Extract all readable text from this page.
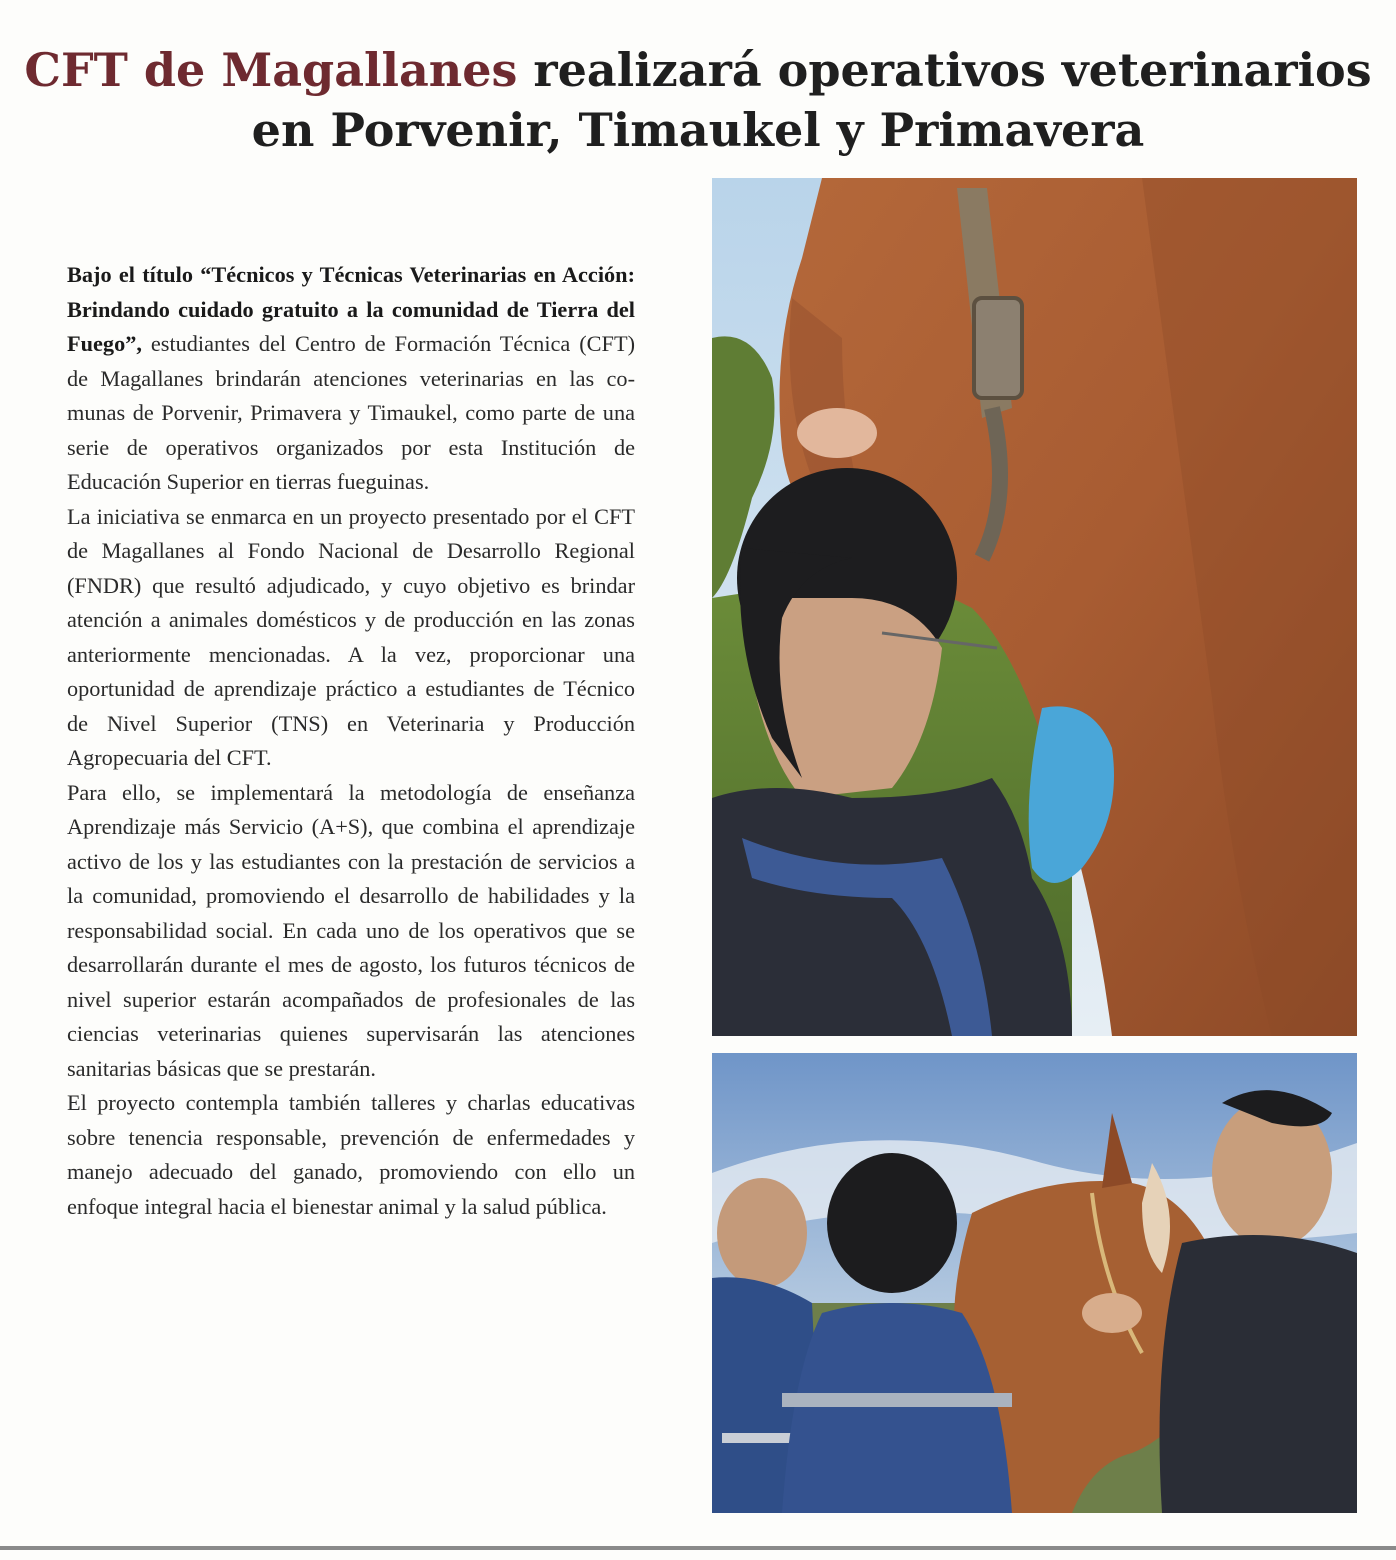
CFT de Magallanes realizará operativos veterinarios
en Porvenir, Timaukel y Primavera

Bajo el título “Técnicos y Técnicas Veterinarias en Acción: Brindando cuidado gratuito a la comunidad de Tierra del Fuego”, estudiantes del Centro de Formación Técnica (CFT) de Magallanes brindarán atenciones veterinarias en las comunas de Porvenir, Primavera y Timaukel, como parte de una serie de operativos organizados por esta Institución de Educación Superior en tierras fueguinas.

La iniciativa se enmarca en un proyecto presentado por el CFT de Magallanes al Fondo Nacional de Desarrollo Regional (FNDR) que resultó adjudicado, y cuyo objetivo es brindar atención a animales domésticos y de producción en las zonas anteriormente mencionadas. A la vez, proporcionar una oportunidad de aprendizaje práctico a estudiantes de Técnico de Nivel Superior (TNS) en Veterinaria y Producción Agropecuaria del CFT.

Para ello, se implementará la metodología de enseñanza Aprendizaje más Servicio (A+S), que combina el aprendizaje activo de los y las estudiantes con la prestación de servicios a la comunidad, promoviendo el desarrollo de habilidades y la responsabilidad social. En cada uno de los operativos que se desarrollarán durante el mes de agosto, los futuros técnicos de nivel superior estarán acompañados de profesionales de las ciencias veterinarias quienes supervisarán las atenciones sanitarias básicas que se prestarán.

El proyecto contempla también talleres y charlas educativas sobre tenencia responsable, prevención de enfermedades y manejo adecuado del ganado, promoviendo con ello un enfoque integral hacia el bienestar animal y la salud pública.
